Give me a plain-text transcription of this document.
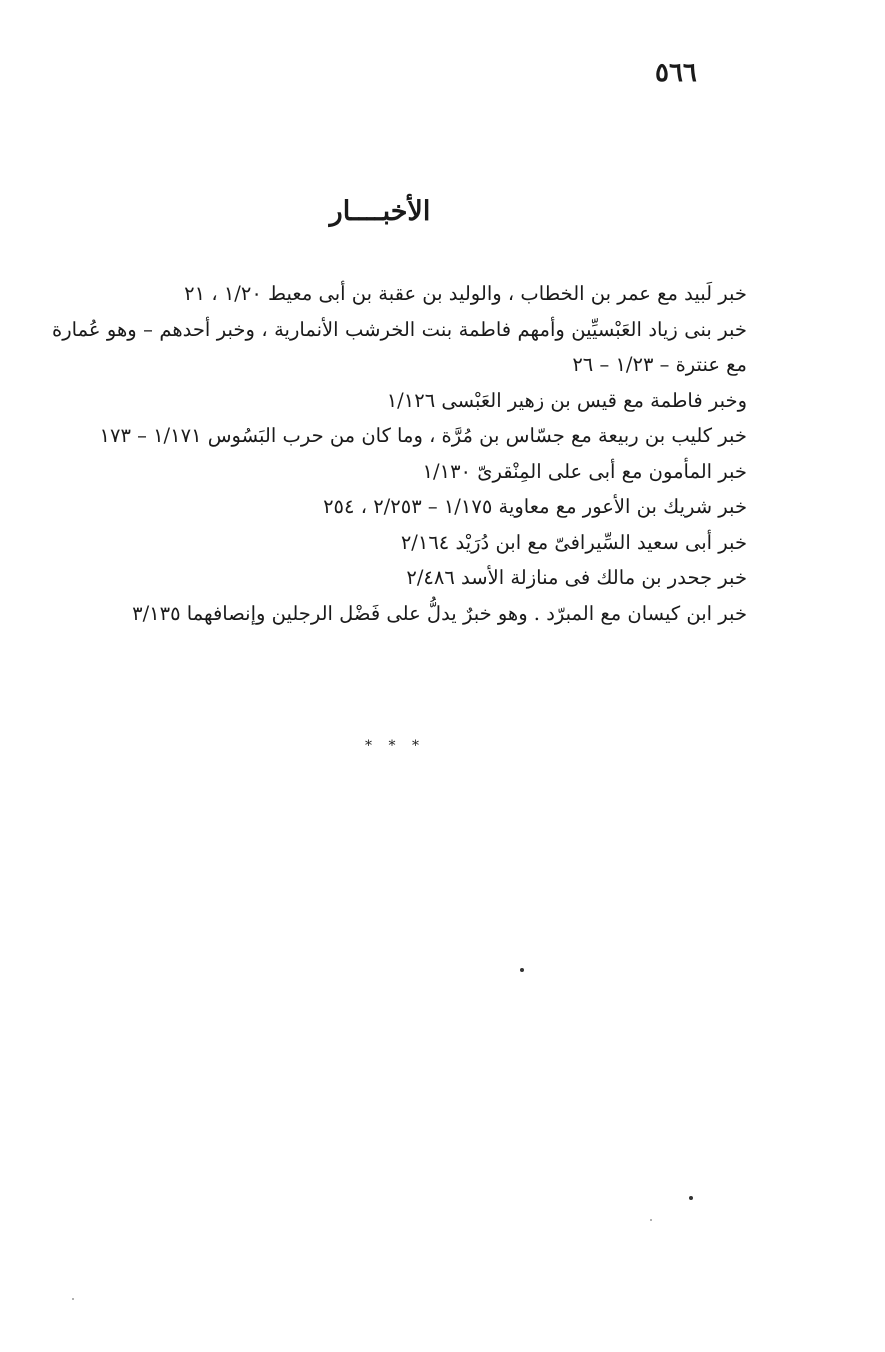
٥٦٦
الأخبــــار

خبر لَبيد مع عمر بن الخطاب ، والوليد بن عقبة بن أبى معيط ١/٢٠ ، ٢١

خبر بنى زياد العَبْسيِّين وأمهم فاطمة بنت الخرشب الأنمارية ، وخبر أحدهم – وهو عُمارة مع عنترة – ١/٢٣ – ٢٦

وخبر فاطمة مع قيس بن زهير العَبْسى ١/١٢٦

خبر كليب بن ربيعة مع جسّاس بن مُرَّة ، وما كان من حرب البَسُوس ١/١٧١ – ١٧٣

خبر المأمون مع أبى على المِنْقرىّ ١/١٣٠

خبر شريك بن الأعور مع معاوية ١/١٧٥ – ٢/٢٥٣ ، ٢٥٤

خبر أبى سعيد السِّيرافىّ مع ابن دُرَيْد ٢/١٦٤

خبر جحدر بن مالك فى منازلة الأسد ٢/٤٨٦

خبر ابن كيسان مع المبرّد . وهو خبرٌ يدلُّ على فَضْل الرجلين وإنصافهما ٣/١٣٥

* * *
